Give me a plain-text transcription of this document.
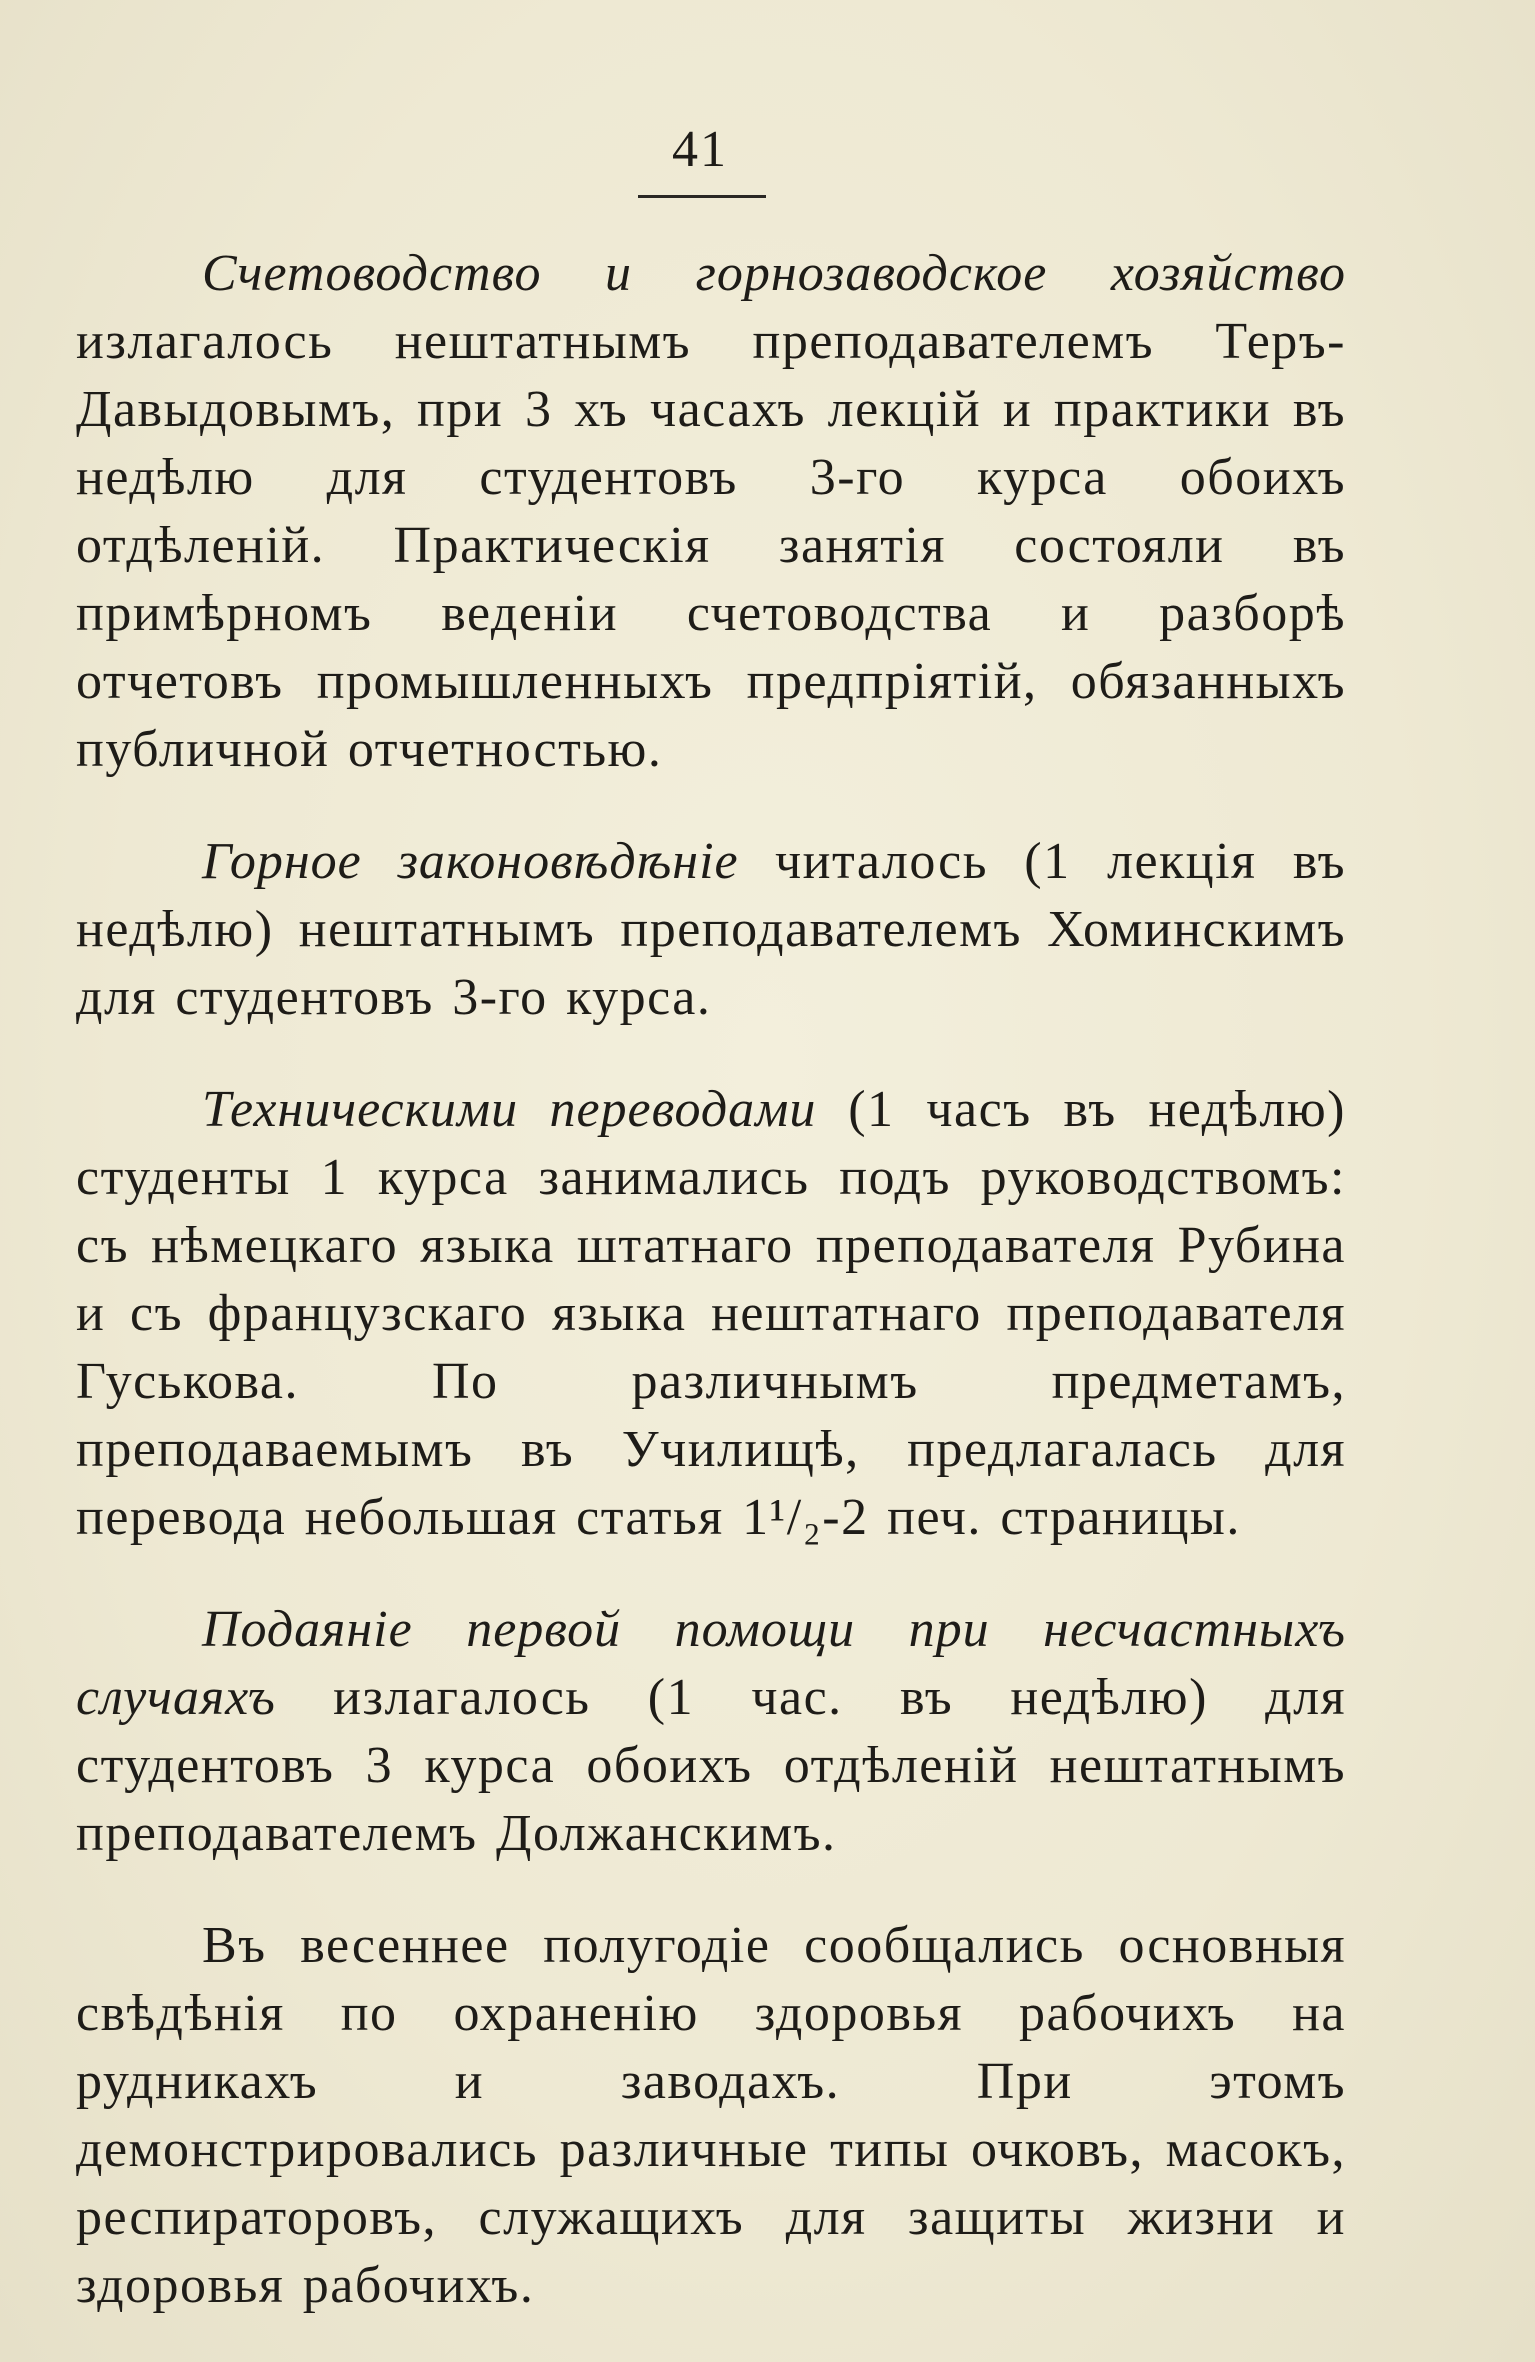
41

Счетоводство и горнозаводское хозяйство излагалось нештатнымъ преподавателемъ Теръ-Давыдовымъ, при 3 хъ часахъ лекцій и практики въ недѣлю для студентовъ 3-го курса обоихъ отдѣленій. Практическія занятія состояли въ примѣрномъ веденіи счетоводства и разборѣ отчетовъ промышленныхъ предпріятій, обязанныхъ публичной отчетностью.

Горное законовѣдѣніе читалось (1 лекція въ недѣлю) нештатнымъ преподавателемъ Хоминскимъ для студентовъ 3-го курса.

Техническими переводами (1 часъ въ недѣлю) студенты 1 курса занимались подъ руководствомъ: съ нѣмецкаго языка штатнаго преподавателя Рубина и съ французскаго языка нештатнаго преподавателя Гуськова. По различнымъ предметамъ, преподаваемымъ въ Училищѣ, предлагалась для перевода небольшая статья 1¹/₂-2 печ. страницы.

Подаяніе первой помощи при несчастныхъ случаяхъ излагалось (1 час. въ недѣлю) для студентовъ 3 курса обоихъ отдѣленій нештатнымъ преподавателемъ Должанскимъ.

Въ весеннее полугодіе сообщались основныя свѣдѣнія по охраненію здоровья рабочихъ на рудникахъ и заводахъ. При этомъ демонстрировались различные типы очковъ, масокъ, респираторовъ, служащихъ для защиты жизни и здоровья рабочихъ.
